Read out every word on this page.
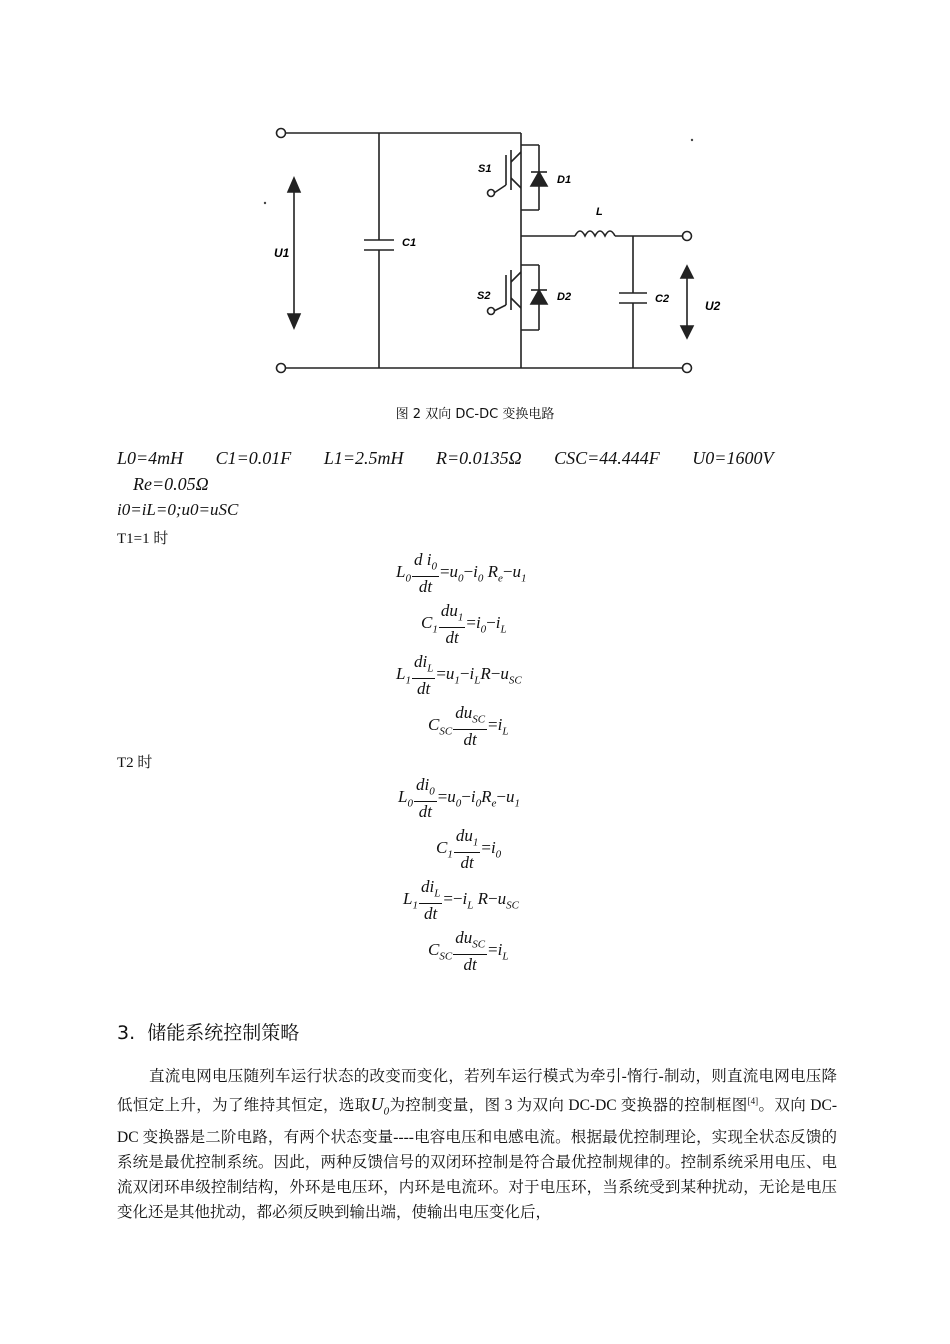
S1
D1
L
C1
U1
S2	D2	C2	U2
图 2 双向 DC-DC 变换电路
L0=4mH C1=0.01F L1=2.5mH R=0.0135Ω CSC=44.444F U0=1600V
Re=0.05Ω
i0=iL=0;u0=uSC
T1=1 时
$L_0 \frac{d i_0}{dt} =u_0-i_0$ $R_e-u_1$
$C_1 \frac{du_1}{dt} =i_0-i_L$
$L_1 \frac{di_L}{dt} =u_1-i_LR-u_{SC}$
$C_{SC} \frac{du_{SC}}{dt} =i_L$
T2 时
$L_0 \frac{di_0}{dt} =u_0-i_0R_e-u_1$
$C_1 \frac{du_1}{dt} =i_0$
$L_1 \frac{di_L}{dt} =-i_L$ $R-u_{SC}$
$C_{SC} \frac{du_{SC}}{dt} =i_L$
3. 储能系统控制策略

直流电网电压随列车运行状态的改变而变化，若列车运行模式为牵引-惰行-制动，则直流电网电压降低恒定上升，为了维持其恒定，选取$U_0$为控制变量，图 3 为双向 DC-DC 变换器的控制框图[4]。双向 DC-DC 变换器是二阶电路，有两个状态变量----电容电压和电感电流。根据最优控制理论，实现全状态反馈的系统是最优控制系统。因此，两种反馈信号的双闭环控制是符合最优控制规律的。控制系统采用电压、电流双闭环串级控制结构，外环是电压环，内环是电流环。对于电压环，当系统受到某种扰动，无论是电压变化还是其他扰动，都必须反映到输出端，使输出电压变化后，
